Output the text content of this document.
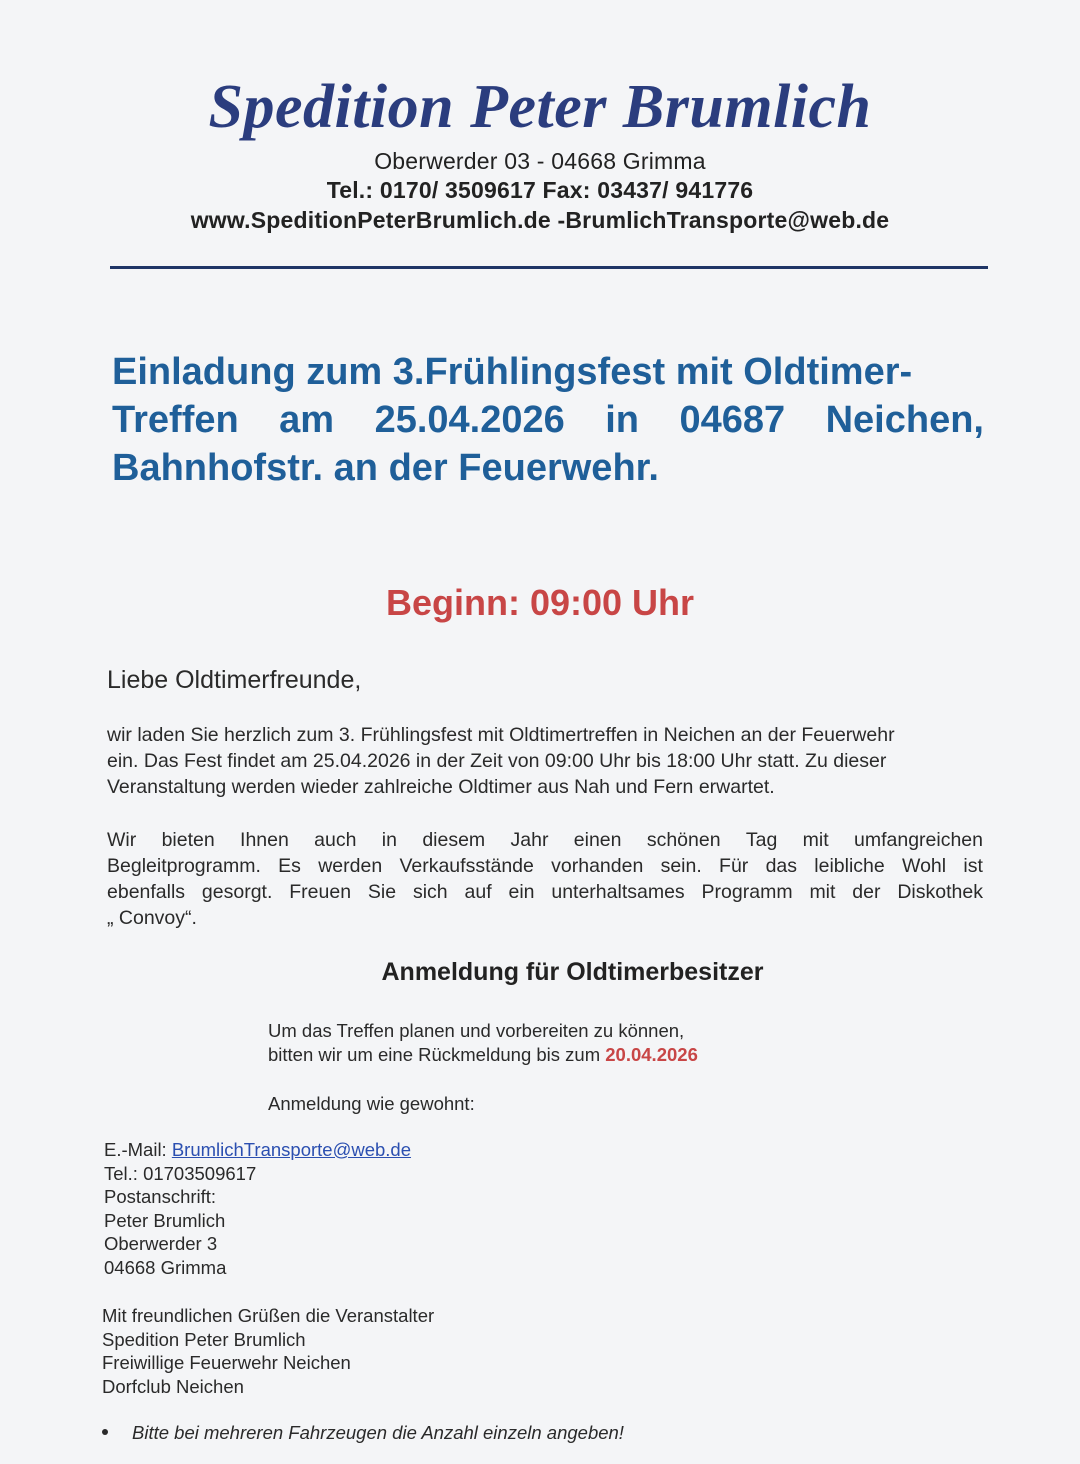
Spedition Peter Brumlich
Oberwerder 03 - 04668 Grimma
Tel.: 0170/ 3509617 Fax: 03437/ 941776
www.SpeditionPeterBrumlich.de -BrumlichTransporte@web.de
Einladung zum 3.Frühlingsfest mit Oldtimer-
Treffen am 25.04.2026 in 04687 Neichen,
Bahnhofstr. an der Feuerwehr.
Beginn: 09:00 Uhr
Liebe Oldtimerfreunde,
wir laden Sie herzlich zum 3. Frühlingsfest mit Oldtimertreffen in Neichen an der Feuerwehr
ein. Das Fest findet am 25.04.2026 in der Zeit von 09:00 Uhr bis 18:00 Uhr statt. Zu dieser
Veranstaltung werden wieder zahlreiche Oldtimer aus Nah und Fern erwartet.
Wir bieten Ihnen auch in diesem Jahr einen schönen Tag mit umfangreichen
Begleitprogramm. Es werden Verkaufsstände vorhanden sein. Für das leibliche Wohl ist
ebenfalls gesorgt. Freuen Sie sich auf ein unterhaltsames Programm mit der Diskothek
„ Convoy“.
Anmeldung für Oldtimerbesitzer
Um das Treffen planen und vorbereiten zu können,
bitten wir um eine Rückmeldung bis zum 20.04.2026
Anmeldung wie gewohnt:
E.-Mail: BrumlichTransporte@web.de
Tel.: 01703509617
Postanschrift:
Peter Brumlich
Oberwerder 3
04668 Grimma
Mit freundlichen Grüßen die Veranstalter
Spedition Peter Brumlich
Freiwillige Feuerwehr Neichen
Dorfclub Neichen
Bitte bei mehreren Fahrzeugen die Anzahl einzeln angeben!
